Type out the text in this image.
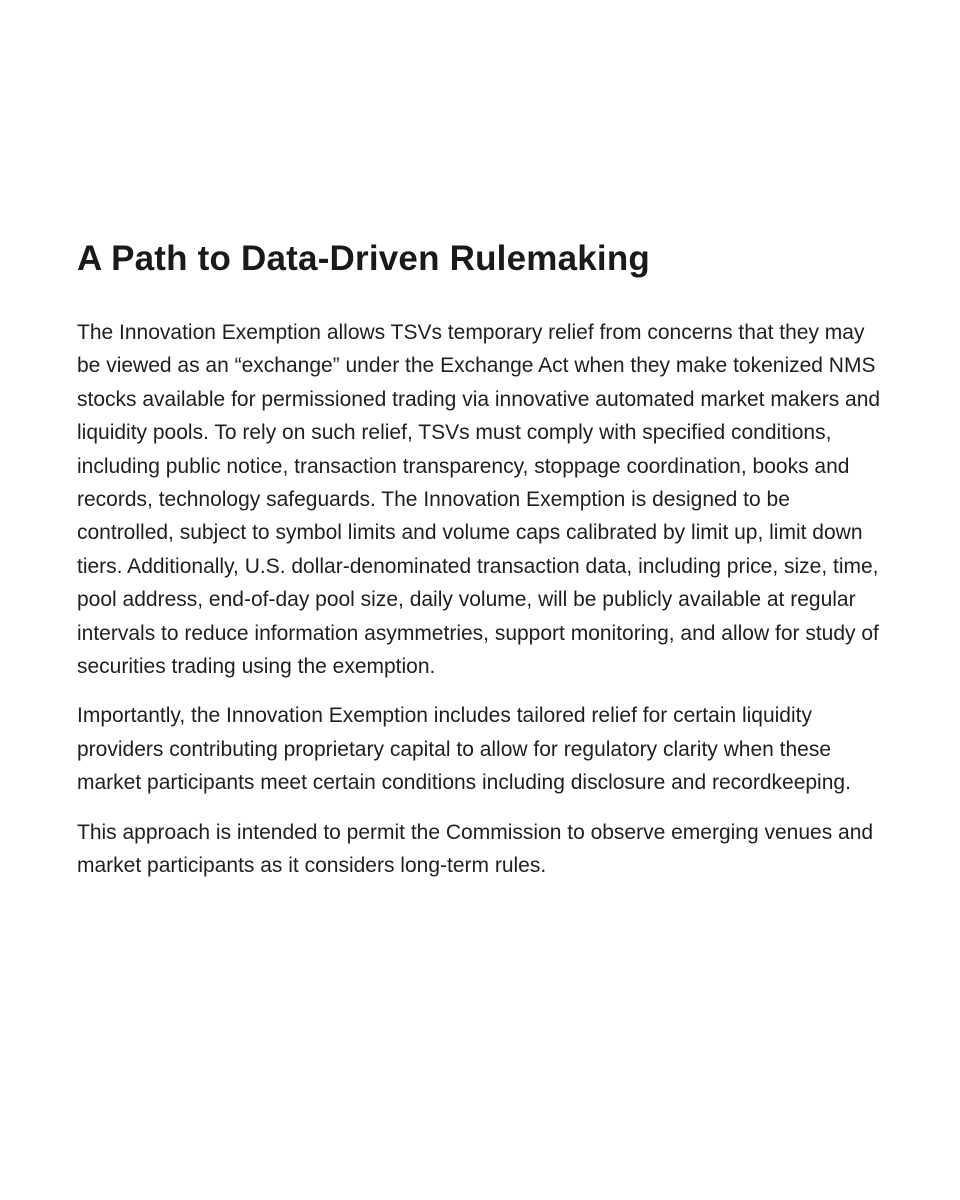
A Path to Data-Driven Rulemaking

The Innovation Exemption allows TSVs temporary relief from concerns that they may be viewed as an “exchange” under the Exchange Act when they make tokenized NMS stocks available for permissioned trading via innovative automated market makers and liquidity pools. To rely on such relief, TSVs must comply with specified conditions, including public notice, transaction transparency, stoppage coordination, books and records, technology safeguards. The Innovation Exemption is designed to be controlled, subject to symbol limits and volume caps calibrated by limit up, limit down tiers. Additionally, U.S. dollar-denominated transaction data, including price, size, time, pool address, end-of-day pool size, daily volume, will be publicly available at regular intervals to reduce information asymmetries, support monitoring, and allow for study of securities trading using the exemption.

Importantly, the Innovation Exemption includes tailored relief for certain liquidity providers contributing proprietary capital to allow for regulatory clarity when these market participants meet certain conditions including disclosure and recordkeeping.

This approach is intended to permit the Commission to observe emerging venues and market participants as it considers long-term rules.
